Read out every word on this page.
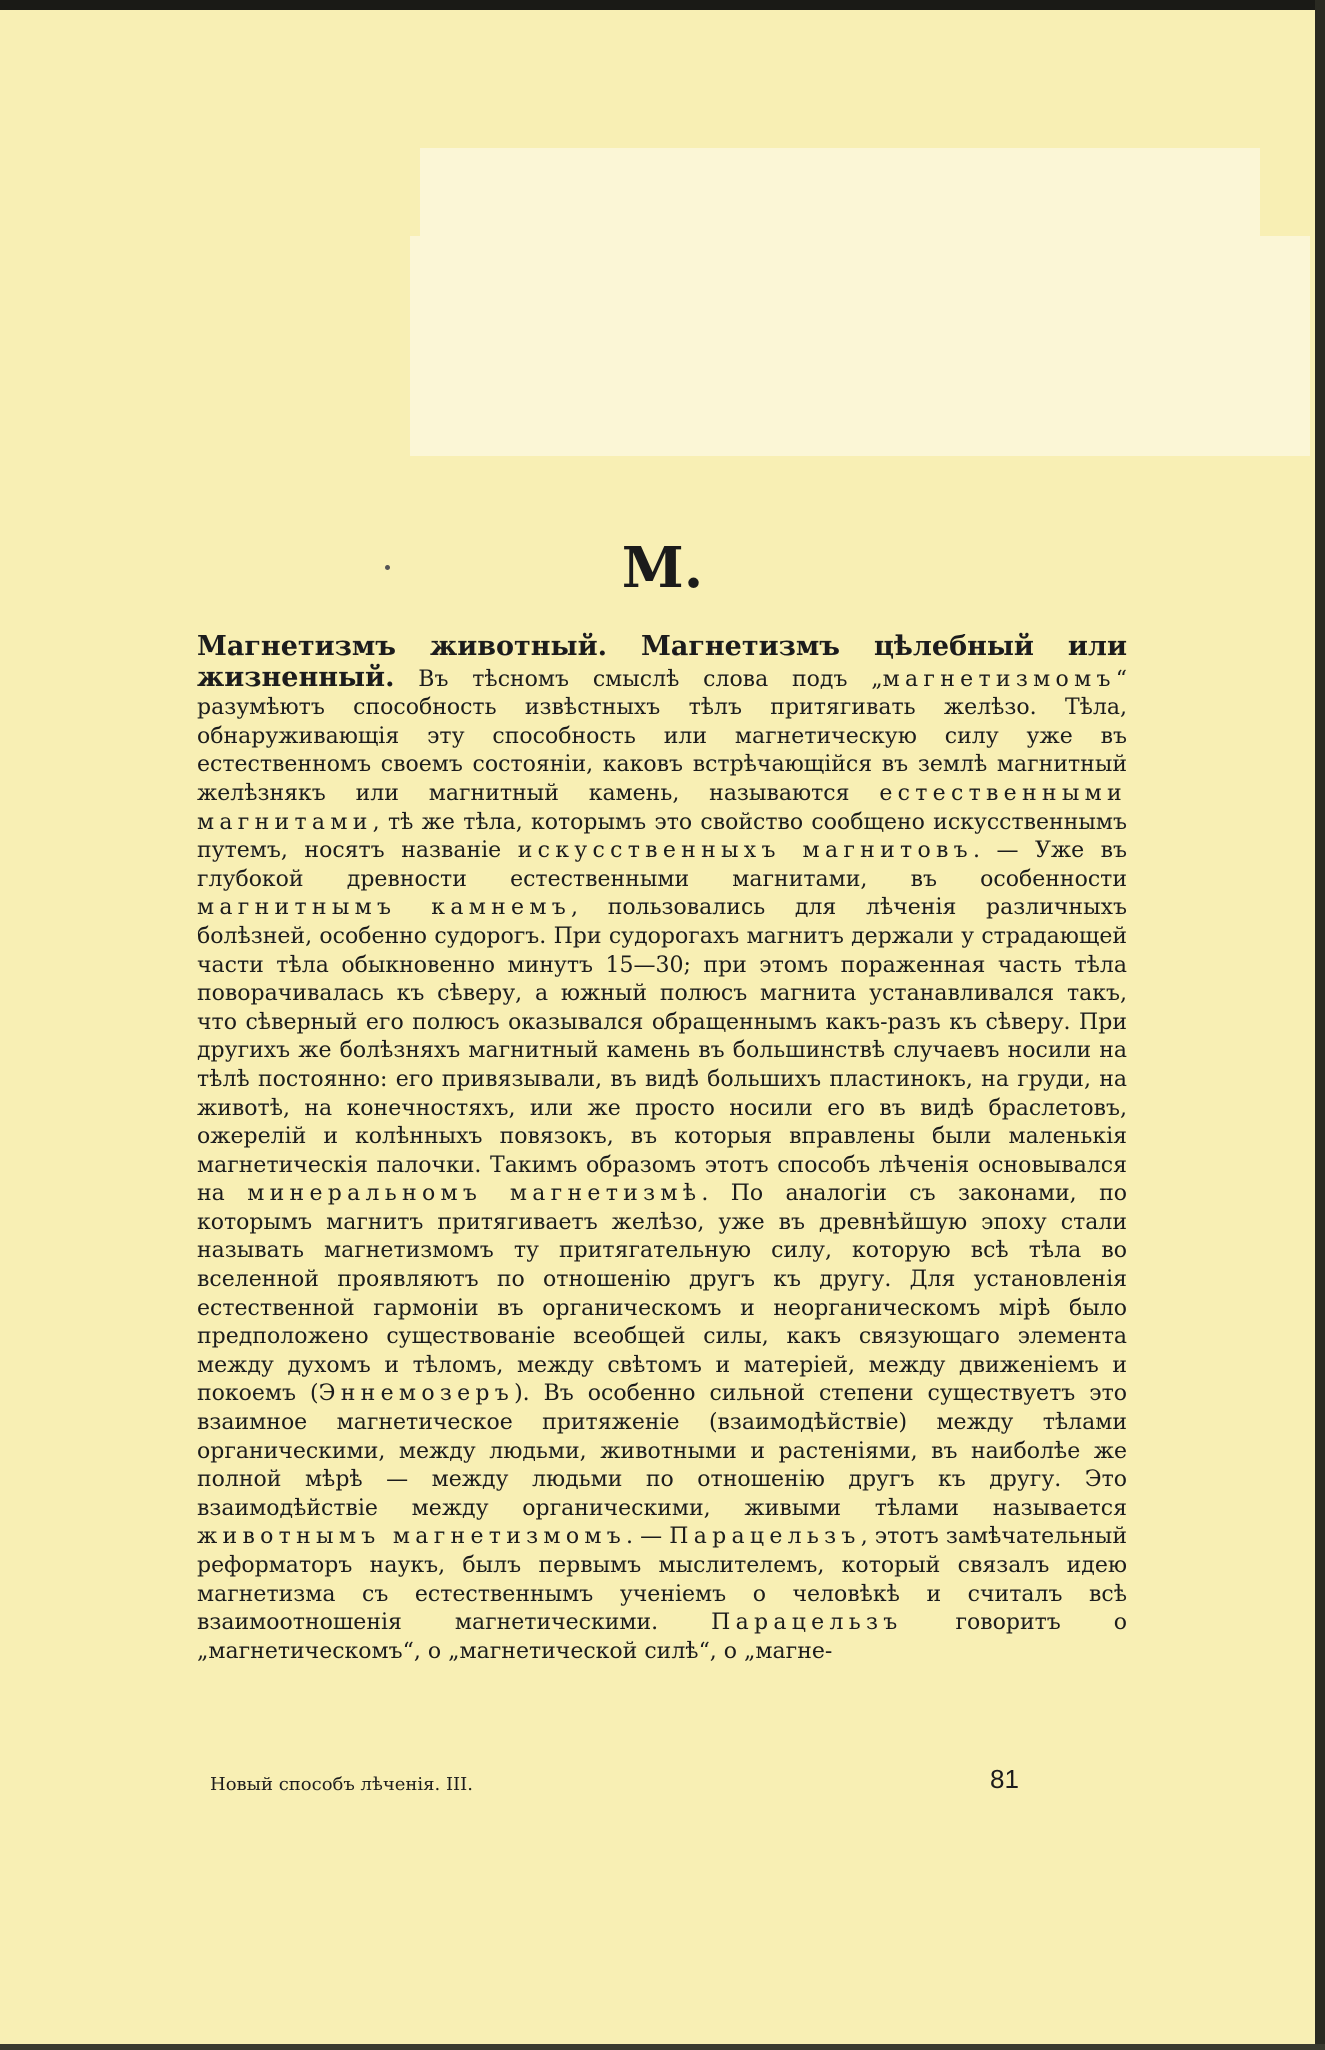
М.

Магнетизмъ животный. Магнетизмъ цѣлебный или жизненный. Въ тѣсномъ смыслѣ слова подъ „магнетизмомъ“ разумѣютъ способность извѣстныхъ тѣлъ притягивать желѣзо. Тѣла, обнаруживающія эту способность или магнетическую силу уже въ естественномъ своемъ состояніи, каковъ встрѣчающійся въ землѣ магнитный желѣзнякъ или магнитный камень, называются естественными магнитами, тѣ же тѣла, которымъ это свойство сообщено искусственнымъ путемъ, носятъ названіе искусственныхъ магнитовъ. — Уже въ глубокой древности естественными магнитами, въ особенности магнитнымъ камнемъ, пользовались для лѣченія различныхъ болѣзней, особенно судорогъ. При судорогахъ магнитъ держали у страдающей части тѣла обыкновенно минутъ 15—30; при этомъ пораженная часть тѣла поворачивалась къ сѣверу, а южный полюсъ магнита устанавливался такъ, что сѣверный его полюсъ оказывался обращеннымъ какъ-разъ къ сѣверу. При другихъ же болѣзняхъ магнитный камень въ большинствѣ случаевъ носили на тѣлѣ постоянно: его привязывали, въ видѣ большихъ пластинокъ, на груди, на животѣ, на конечностяхъ, или же просто носили его въ видѣ браслетовъ, ожерелій и колѣнныхъ повязокъ, въ которыя вправлены были маленькія магнетическія палочки. Такимъ образомъ этотъ способъ лѣченія основывался на минеральномъ магнетизмѣ. По аналогіи съ законами, по которымъ магнитъ притягиваетъ желѣзо, уже въ древнѣйшую эпоху стали называть магнетизмомъ ту притягательную силу, которую всѣ тѣла во вселенной проявляютъ по отношенію другъ къ другу. Для установленія естественной гармоніи въ органическомъ и неорганическомъ мірѣ было предположено существованіе всеобщей силы, какъ связующаго элемента между духомъ и тѣломъ, между свѣтомъ и матеріей, между движеніемъ и покоемъ (Эннемозеръ). Въ особенно сильной степени существуетъ это взаимное магнетическое притяженіе (взаимодѣйствіе) между тѣлами органическими, между людьми, животными и растеніями, въ наиболѣе же полной мѣрѣ — между людьми по отношенію другъ къ другу. Это взаимодѣйствіе между органическими, живыми тѣлами называется животнымъ магнетизмомъ. — Парацельзъ, этотъ замѣчательный реформаторъ наукъ, былъ первымъ мыслителемъ, который связалъ идею магнетизма съ естественнымъ ученіемъ о человѣкѣ и считалъ всѣ взаимоотношенія магнетическими. Парацельзъ говоритъ о „магнетическомъ“, о „магнетической силѣ“, о „магне-

Новый способъ лѣченія. III.	81
